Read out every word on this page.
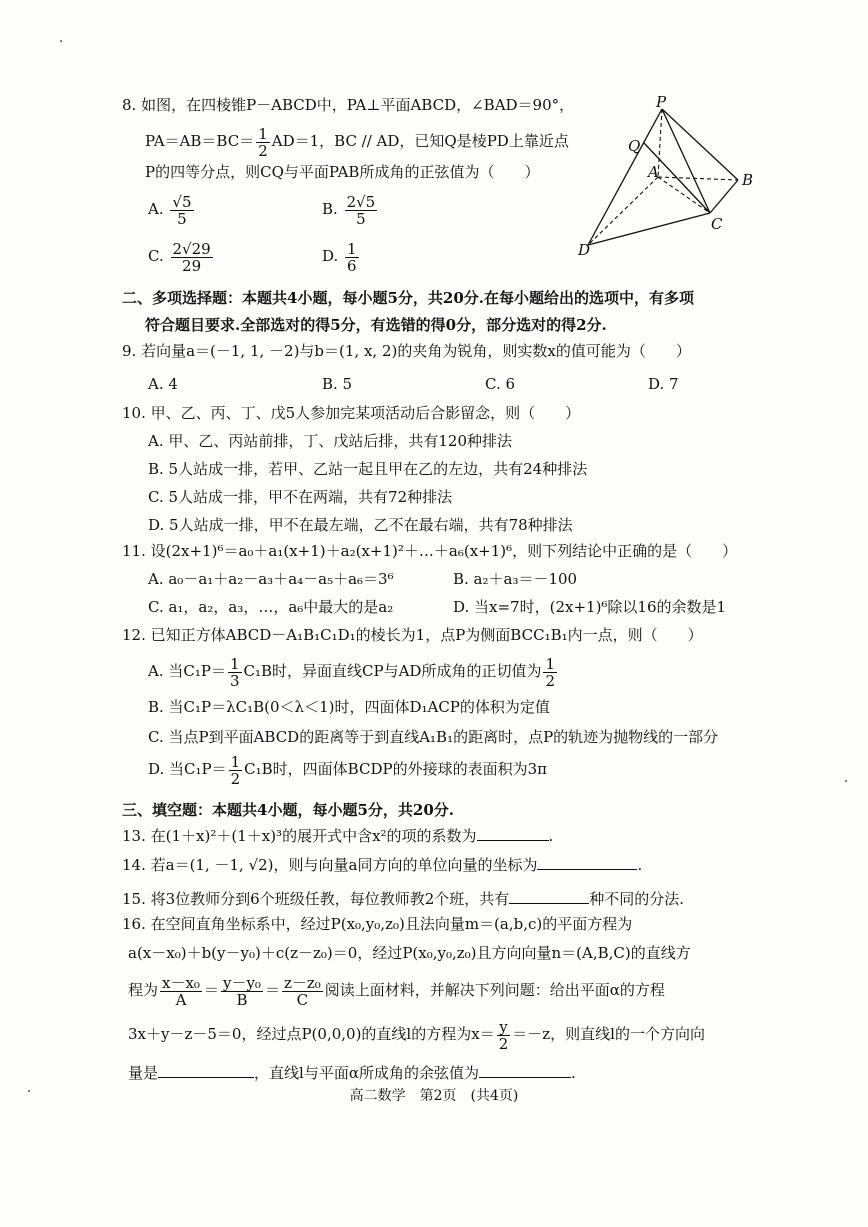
8. 如图，在四棱锥P－ABCD中，PA⊥平面ABCD，∠BAD＝90°，
$PA=AB=BC= \frac{1}{2} AD=1$，BC // AD，已知Q是棱PD上靠近点
P的四等分点，则CQ与平面PAB所成角的正弦值为（　　）
A. $\frac{√5}{5}$	B. $\frac{2√5}{5}$
C. $\frac{2√29}{29}$	D. $\frac{1}{6}$
P
Q
A	B
C
D
二、多项选择题：本题共4小题，每小题5分，共20分.在每小题给出的选项中，有多项
符合题目要求.全部选对的得5分，有选错的得0分，部分选对的得2分.
9. 若向量a＝(－1, 1, －2)与b＝(1, x, 2)的夹角为锐角，则实数x的值可能为（　　）
A. 4	B. 5	C. 6	D. 7
10. 甲、乙、丙、丁、戊5人参加完某项活动后合影留念，则（　　）
A. 甲、乙、丙站前排，丁、戊站后排，共有120种排法
B. 5人站成一排，若甲、乙站一起且甲在乙的左边，共有24种排法
C. 5人站成一排，甲不在两端，共有72种排法
D. 5人站成一排，甲不在最左端，乙不在最右端，共有78种排法
11. 设(2x+1)⁶＝a₀＋a₁(x+1)＋a₂(x+1)²＋…＋a₆(x+1)⁶，则下列结论中正确的是（　　）
A. a₀－a₁＋a₂－a₃＋a₄－a₅＋a₆＝3⁶	B. a₂＋a₃＝－100
C. a₁，a₂，a₃，…，a₆中最大的是a₂	D. 当x=7时，(2x+1)⁶除以16的余数是1
12. 已知正方体ABCD－A₁B₁C₁D₁的棱长为1，点P为侧面BCC₁B₁内一点，则（　　）
A. 当$C_1P= \frac{1}{3} C_1B$时，异面直线CP与AD所成角的正切值为 $\frac{1}{2}$
B. 当C₁P＝λC₁B(0＜λ＜1)时，四面体D₁ACP的体积为定值
C. 当点P到平面ABCD的距离等于到直线A₁B₁的距离时，点P的轨迹为抛物线的一部分
D. 当$C_1P= \frac{1}{2} C_1B$时，四面体BCDP的外接球的表面积为3π
三、填空题：本题共4小题，每小题5分，共20分.
13. 在(1＋x)²＋(1＋x)³的展开式中含x²的项的系数为	.
14. 若a＝(1, －1, √2)，则与向量a同方向的单位向量的坐标为	.
15. 将3位教师分到6个班级任教，每位教师教2个班，共有	种不同的分法.
16. 在空间直角坐标系中，经过P(x₀,y₀,z₀)且法向量m＝(a,b,c)的平面方程为
a(x－x₀)＋b(y－y₀)＋c(z－z₀)＝0，经过P(x₀,y₀,z₀)且方向向量n＝(A,B,C)的直线方
程为 $\frac{\text{x－x₀}}{A} = \frac{\text{y－y₀}}{B} = \frac{\text{z－z₀}}{C}$ 阅读上面材料，并解决下列问题：给出平面α的方程
3x＋y－z－5＝0，经过点P(0,0,0)的直线l的方程为$x= \frac{y}{2} =-z$，则直线l的一个方向向
量是	，直线l与平面α所成角的余弦值为	.
高二数学　第2页　(共4页)
